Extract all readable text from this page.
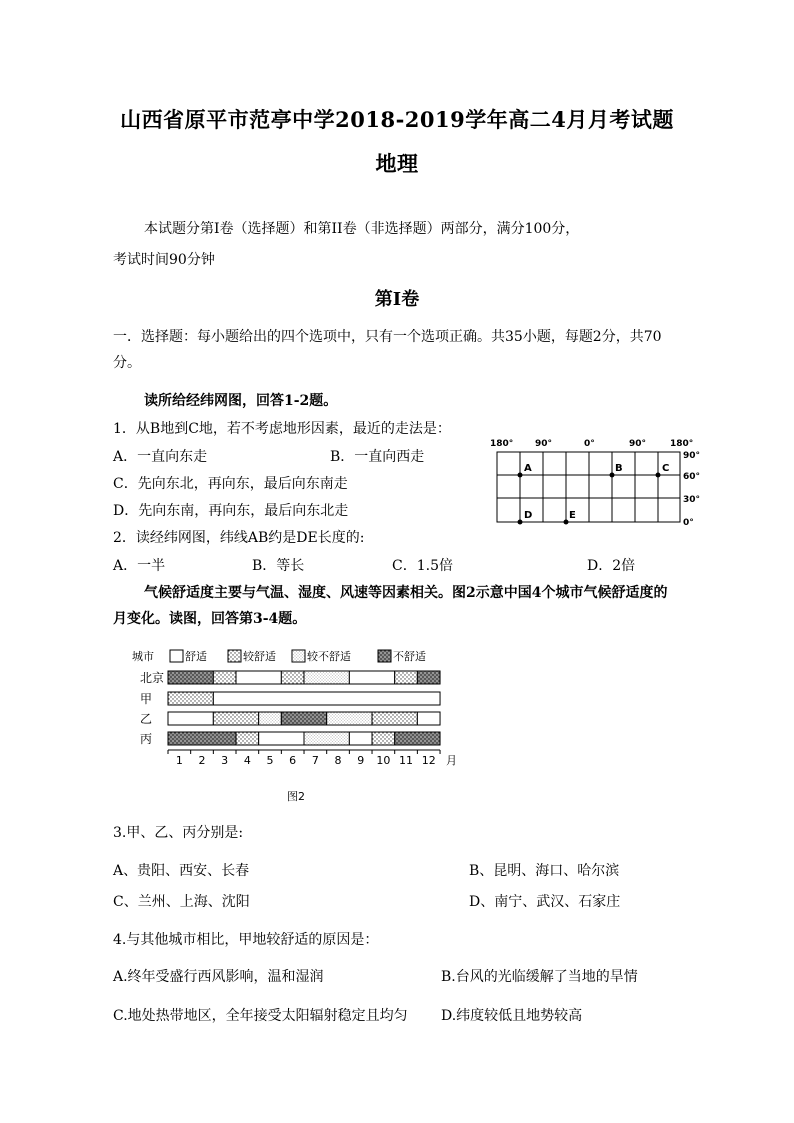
山西省原平市范亭中学2018-2019学年高二4月月考试题
地理
本试题分第I卷（选择题）和第II卷（非选择题）两部分，满分100分，
考试时间90分钟
第I卷
一．选择题：每小题给出的四个选项中，只有一个选项正确。共35小题，每题2分，共70
分。
读所给经纬网图，回答1-2题。
1．从B地到C地，若不考虑地形因素，最近的走法是：
A．一直向东走	B．一直向西走
C．先向东北，再向东，最后向东南走
D．先向东南，再向东，最后向东北走
2．读经纬网图，纬线AB约是DE长度的:
A．一半	B．等长	C．1.5倍	D．2倍
180° 90°	0°	90°	180°
90°
60°
30°
0°
A	B	C
D	E
气候舒适度主要与气温、湿度、风速等因素相关。图2示意中国4个城市气候舒适度的
月变化。读图，回答第3-4题。
城市	舒适	较舒适	较不舒适	不舒适
北京
甲
乙
丙
1 2 3 4 5 6 7 8 9 10 11 12 月
图2
3.甲、乙、丙分别是:
A、贵阳、西安、长春	B、昆明、海口、哈尔滨
C、兰州、上海、沈阳	D、南宁、武汉、石家庄
4.与其他城市相比，甲地较舒适的原因是：
A.终年受盛行西风影响，温和湿润	B.台风的光临缓解了当地的旱情
C.地处热带地区，全年接受太阳辐射稳定且均匀 D.纬度较低且地势较高
